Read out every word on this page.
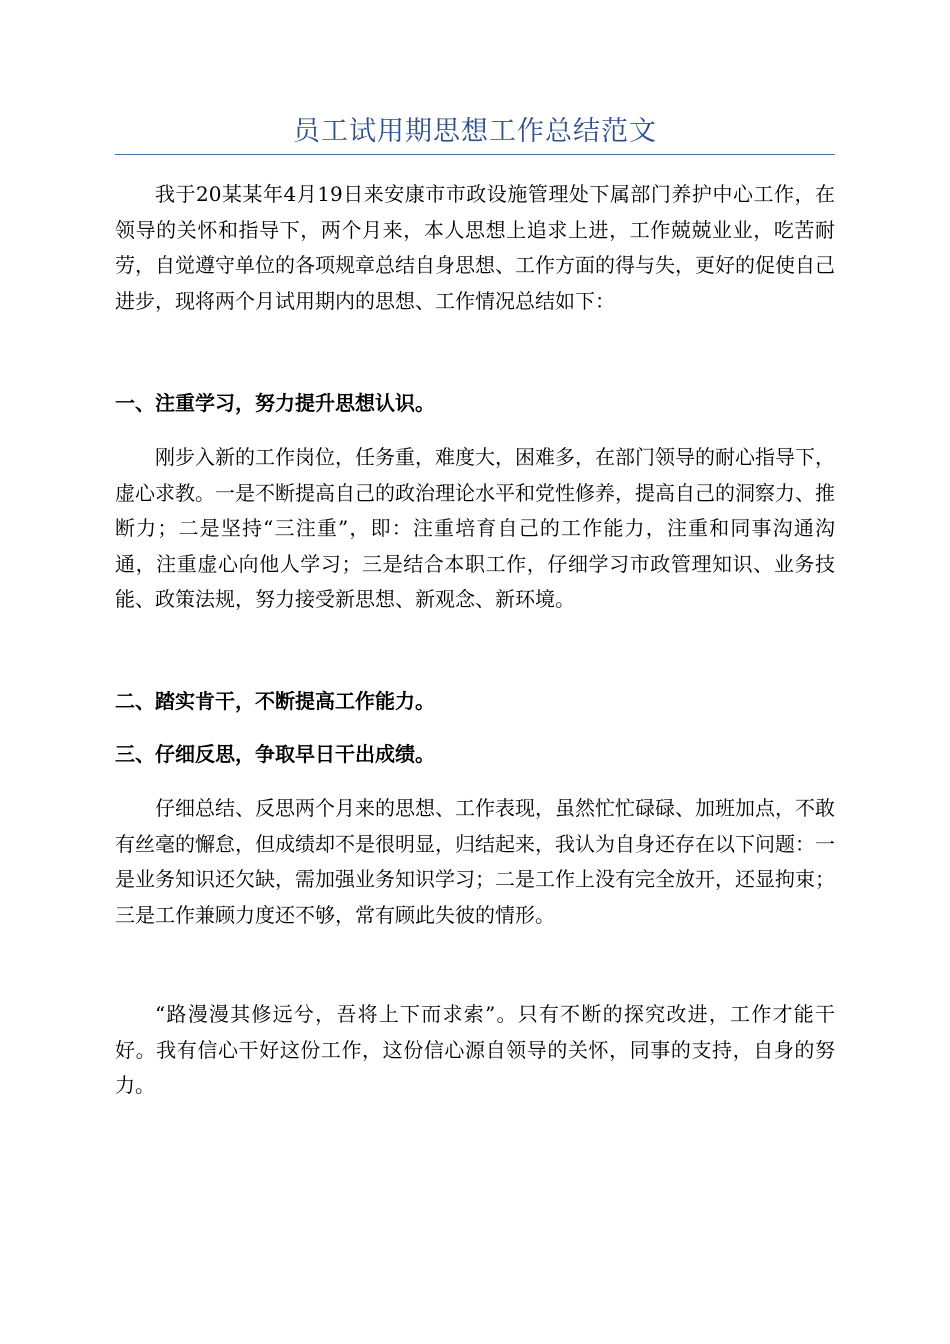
员工试用期思想工作总结范文

我于20某某年4月19日来安康市市政设施管理处下属部门养护中心工作，在领导的关怀和指导下，两个月来，本人思想上追求上进，工作兢兢业业，吃苦耐劳，自觉遵守单位的各项规章总结自身思想、工作方面的得与失，更好的促使自己进步，现将两个月试用期内的思想、工作情况总结如下：

一、注重学习，努力提升思想认识。

刚步入新的工作岗位，任务重，难度大，困难多，在部门领导的耐心指导下，虚心求教。一是不断提高自己的政治理论水平和党性修养，提高自己的洞察力、推断力；二是坚持“三注重”，即：注重培育自己的工作能力，注重和同事沟通沟通，注重虚心向他人学习；三是结合本职工作，仔细学习市政管理知识、业务技能、政策法规，努力接受新思想、新观念、新环境。

二、踏实肯干，不断提高工作能力。

三、仔细反思，争取早日干出成绩。

仔细总结、反思两个月来的思想、工作表现，虽然忙忙碌碌、加班加点，不敢有丝毫的懈怠，但成绩却不是很明显，归结起来，我认为自身还存在以下问题：一是业务知识还欠缺，需加强业务知识学习；二是工作上没有完全放开，还显拘束；三是工作兼顾力度还不够，常有顾此失彼的情形。

“路漫漫其修远兮，吾将上下而求索”。只有不断的探究改进，工作才能干好。我有信心干好这份工作，这份信心源自领导的关怀，同事的支持，自身的努力。
